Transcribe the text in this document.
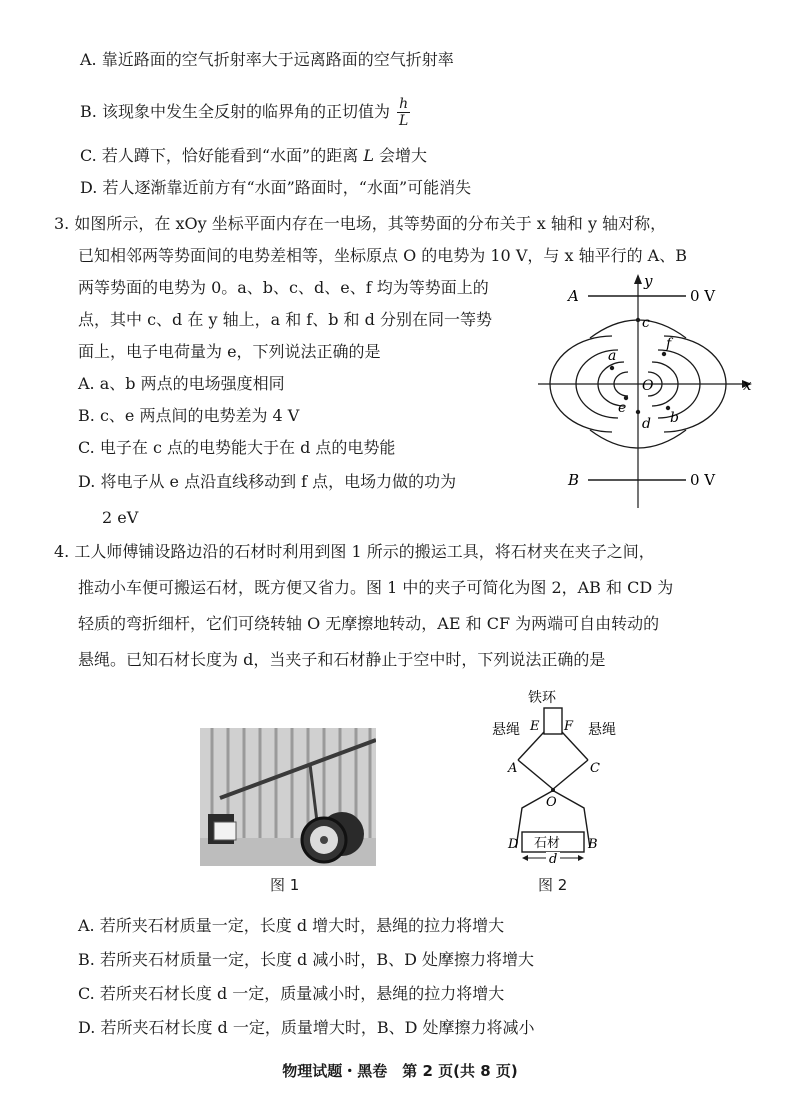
A. 靠近路面的空气折射率大于远离路面的空气折射率
B. 该现象中发生全反射的临界角的正切值为 $\frac{h}{L}$
C. 若人蹲下，恰好能看到“水面”的距离 L 会增大
D. 若人逐渐靠近前方有“水面”路面时，“水面”可能消失
3. 如图所示，在 xOy 坐标平面内存在一电场，其等势面的分布关于 x 轴和 y 轴对称，
已知相邻两等势面间的电势差相等，坐标原点 O 的电势为 10 V，与 x 轴平行的 A、B
两等势面的电势为 0。a、b、c、d、e、f 均为等势面上的
点，其中 c、d 在 y 轴上，a 和 f、b 和 d 分别在同一等势
面上，电子电荷量为 e，下列说法正确的是
A. a、b 两点的电场强度相同
B. c、e 两点间的电势差为 4 V
C. 电子在 c 点的电势能大于在 d 点的电势能
D. 将电子从 e 点沿直线移动到 f 点，电场力做的功为
2 eV
A	0 V
B	0 V
y
x
c
d
a
f
e
b
O
4. 工人师傅铺设路边沿的石材时利用到图 1 所示的搬运工具，将石材夹在夹子之间，
推动小车便可搬运石材，既方便又省力。图 1 中的夹子可简化为图 2，AB 和 CD 为
轻质的弯折细杆，它们可绕转轴 O 无摩擦地转动，AE 和 CF 为两端可自由转动的
悬绳。已知石材长度为 d，当夹子和石材静止于空中时，下列说法正确的是
图 1
铁环
悬绳	悬绳
E F
A	C
O
石材
D	B
d
图 2
A. 若所夹石材质量一定，长度 d 增大时，悬绳的拉力将增大
B. 若所夹石材质量一定，长度 d 减小时，B、D 处摩擦力将增大
C. 若所夹石材长度 d 一定，质量减小时，悬绳的拉力将增大
D. 若所夹石材长度 d 一定，质量增大时，B、D 处摩擦力将减小
物理试题・黑卷　第 2 页(共 8 页)
